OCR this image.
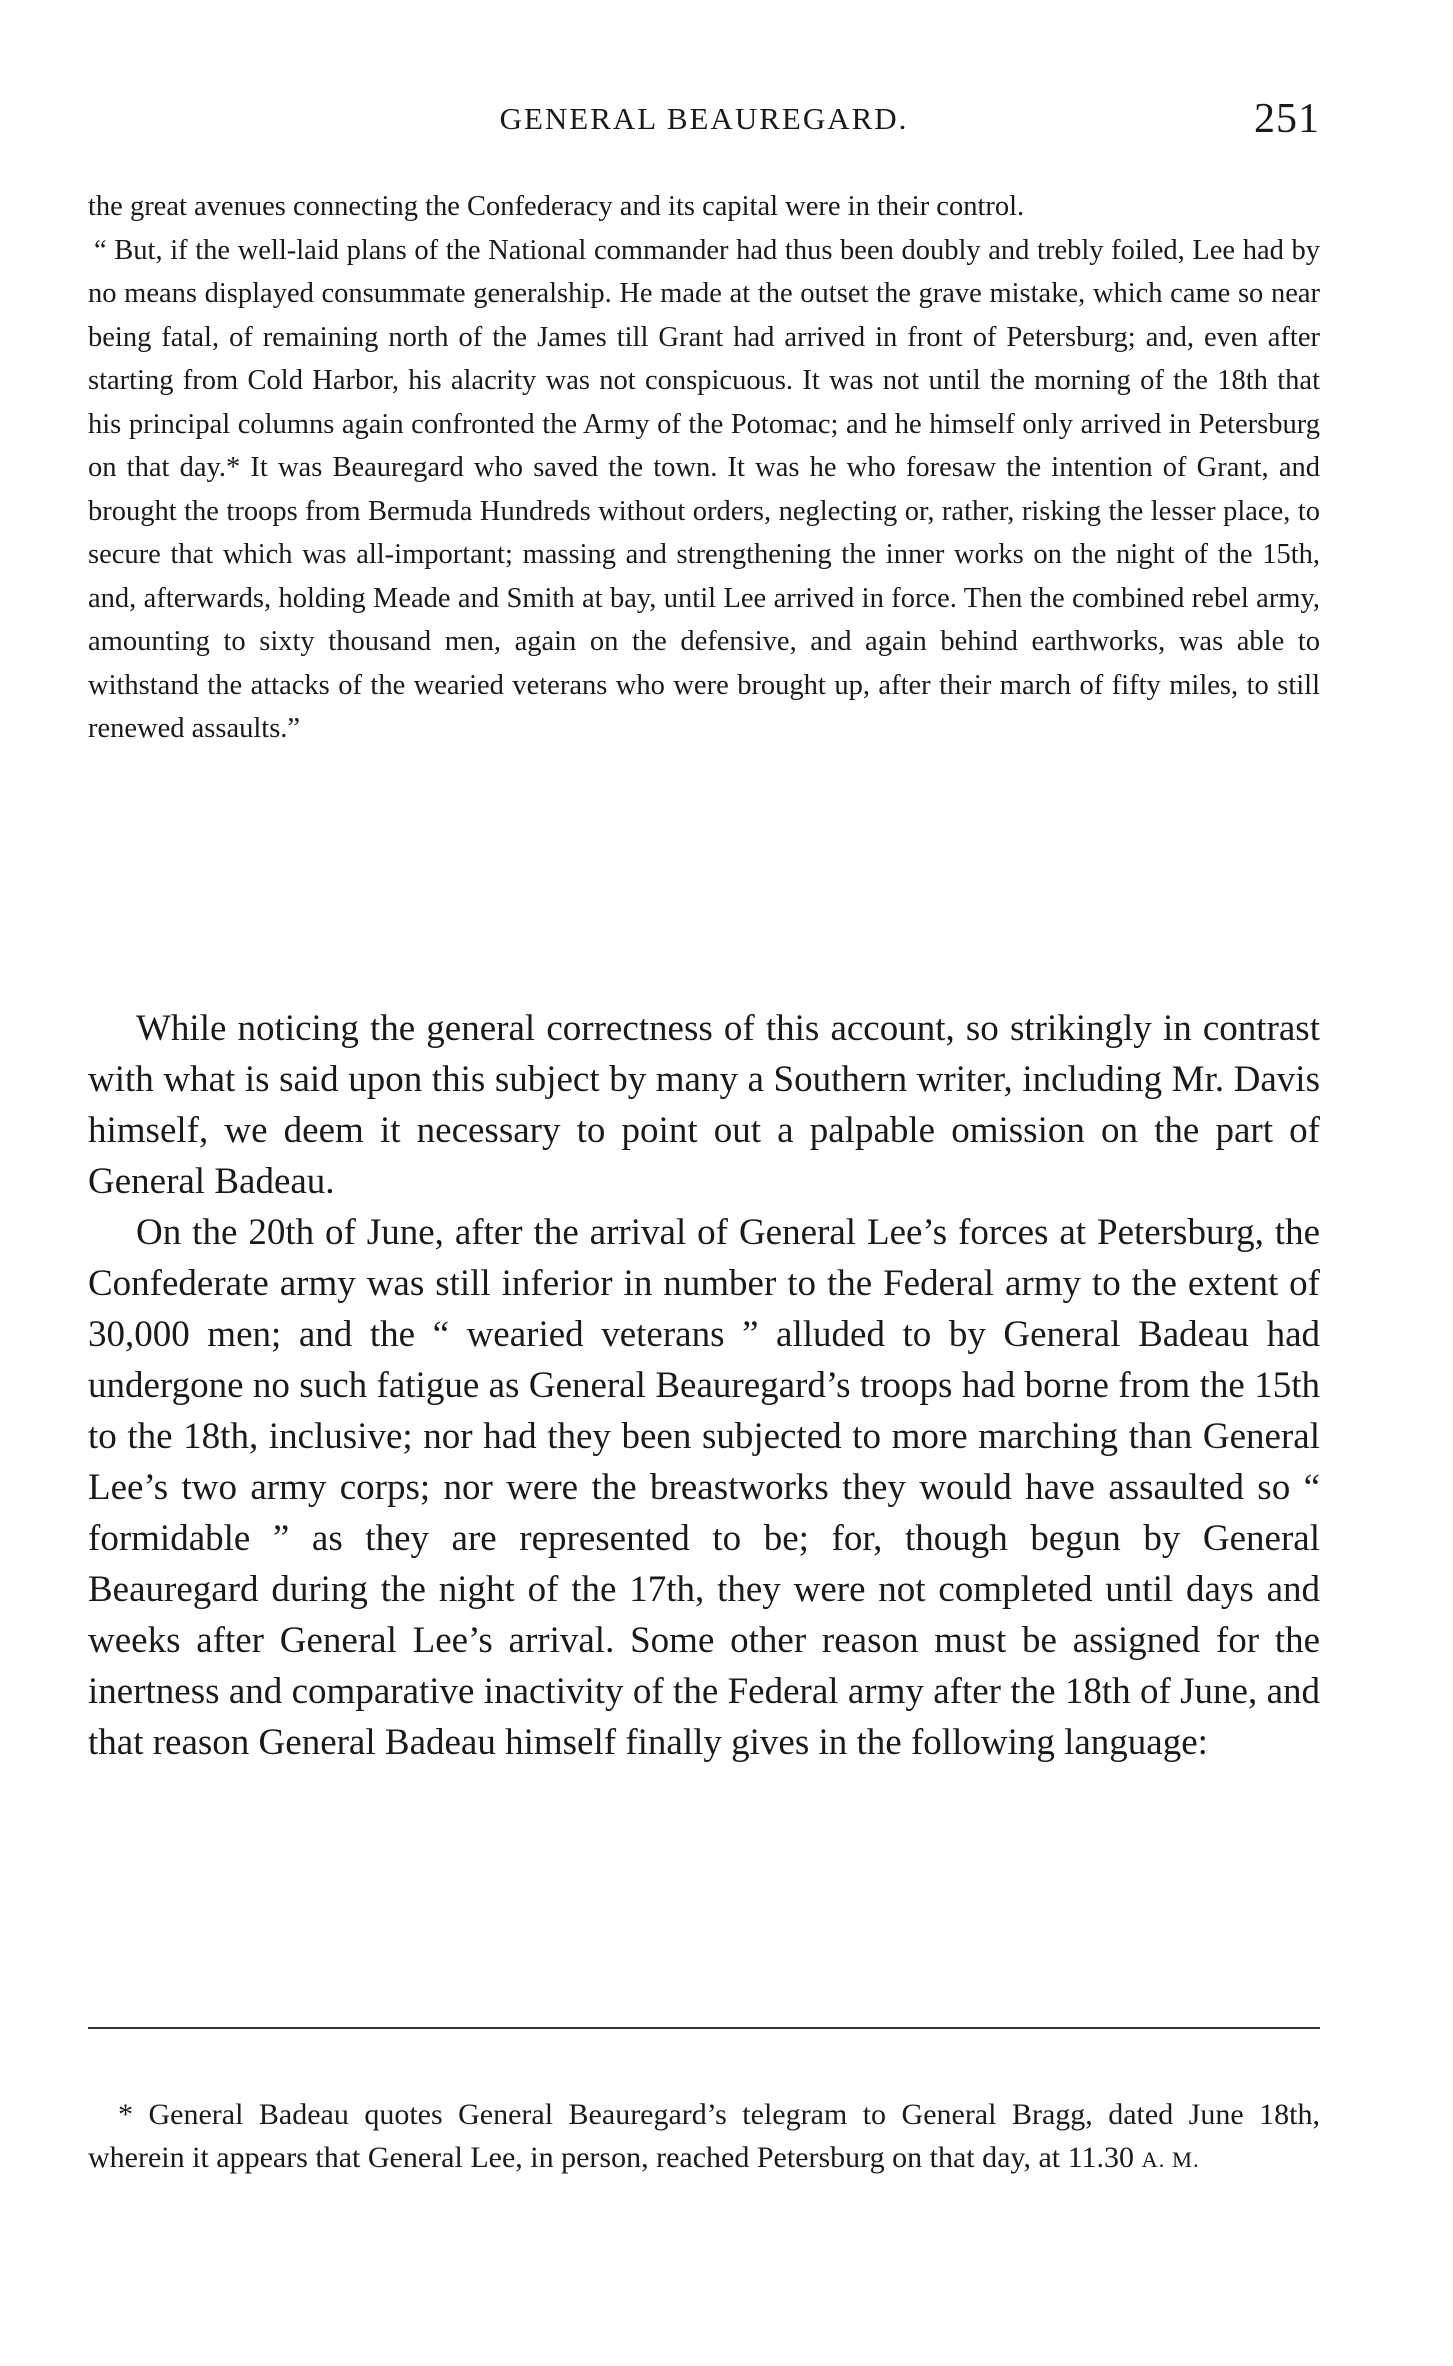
GENERAL BEAUREGARD.	251

the great avenues connecting the Confederacy and its capital were in their control.

“ But, if the well-laid plans of the National commander had thus been doubly and trebly foiled, Lee had by no means displayed consummate generalship. He made at the outset the grave mistake, which came so near being fatal, of remaining north of the James till Grant had arrived in front of Petersburg; and, even after starting from Cold Harbor, his alacrity was not conspicuous. It was not until the morning of the 18th that his principal columns again confronted the Army of the Potomac; and he himself only arrived in Petersburg on that day.* It was Beauregard who saved the town. It was he who foresaw the intention of Grant, and brought the troops from Bermuda Hundreds without orders, neglecting or, rather, risking the lesser place, to secure that which was all-important; massing and strengthening the inner works on the night of the 15th, and, afterwards, holding Meade and Smith at bay, until Lee arrived in force. Then the combined rebel army, amounting to sixty thousand men, again on the defensive, and again behind earthworks, was able to withstand the attacks of the wearied veterans who were brought up, after their march of fifty miles, to still renewed assaults.”

While noticing the general correctness of this account, so strikingly in contrast with what is said upon this subject by many a Southern writer, including Mr. Davis himself, we deem it necessary to point out a palpable omission on the part of General Badeau.

On the 20th of June, after the arrival of General Lee’s forces at Petersburg, the Confederate army was still inferior in number to the Federal army to the extent of 30,000 men; and the “ wearied veterans ” alluded to by General Badeau had undergone no such fatigue as General Beauregard’s troops had borne from the 15th to the 18th, inclusive; nor had they been subjected to more marching than General Lee’s two army corps; nor were the breastworks they would have assaulted so “ formidable ” as they are represented to be; for, though begun by General Beauregard during the night of the 17th, they were not completed until days and weeks after General Lee’s arrival. Some other reason must be assigned for the inertness and comparative inactivity of the Federal army after the 18th of June, and that reason General Badeau himself finally gives in the following language:

* General Badeau quotes General Beauregard’s telegram to General Bragg, dated June 18th, wherein it appears that General Lee, in person, reached Petersburg on that day, at 11.30 A. M.
